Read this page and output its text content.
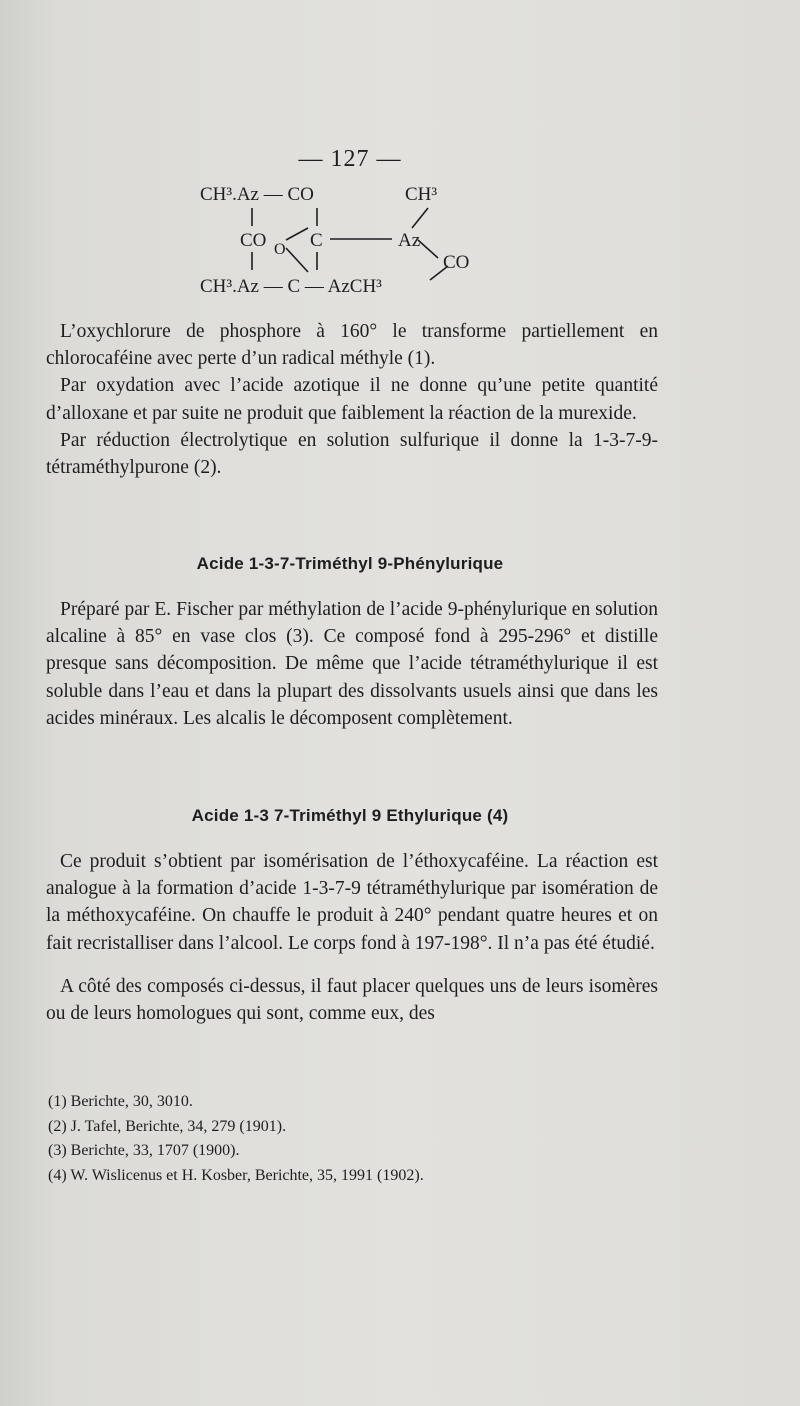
— 127 —
CH³.Az — CO	CH³
CO O C	Az
CO
CH³.Az — C — AzCH³

L’oxychlorure de phosphore à 160° le transforme partiellement en chlorocaféine avec perte d’un radical méthyle (1).

Par oxydation avec l’acide azotique il ne donne qu’une petite quantité d’alloxane et par suite ne produit que faiblement la réaction de la murexide.

Par réduction électrolytique en solution sulfurique il donne la 1-3-7-9-tétraméthylpurone (2).

Acide 1-3-7-Triméthyl 9-Phénylurique

Préparé par E. Fischer par méthylation de l’acide 9-phénylurique en solution alcaline à 85° en vase clos (3). Ce composé fond à 295-296° et distille presque sans décomposition. De même que l’acide tétraméthylurique il est soluble dans l’eau et dans la plupart des dissolvants usuels ainsi que dans les acides minéraux. Les alcalis le décomposent complètement.

Acide 1-3 7-Triméthyl 9 Ethylurique (4)

Ce produit s’obtient par isomérisation de l’éthoxycaféine. La réaction est analogue à la formation d’acide 1-3-7-9 tétraméthylurique par isomération de la méthoxycaféine. On chauffe le produit à 240° pendant quatre heures et on fait recristalliser dans l’alcool. Le corps fond à 197-198°. Il n’a pas été étudié.

A côté des composés ci-dessus, il faut placer quelques uns de leurs isomères ou de leurs homologues qui sont, comme eux, des

(1) Berichte, 30, 3010.
(2) J. Tafel, Berichte, 34, 279 (1901).
(3) Berichte, 33, 1707 (1900).
(4) W. Wislicenus et H. Kosber, Berichte, 35, 1991 (1902).
